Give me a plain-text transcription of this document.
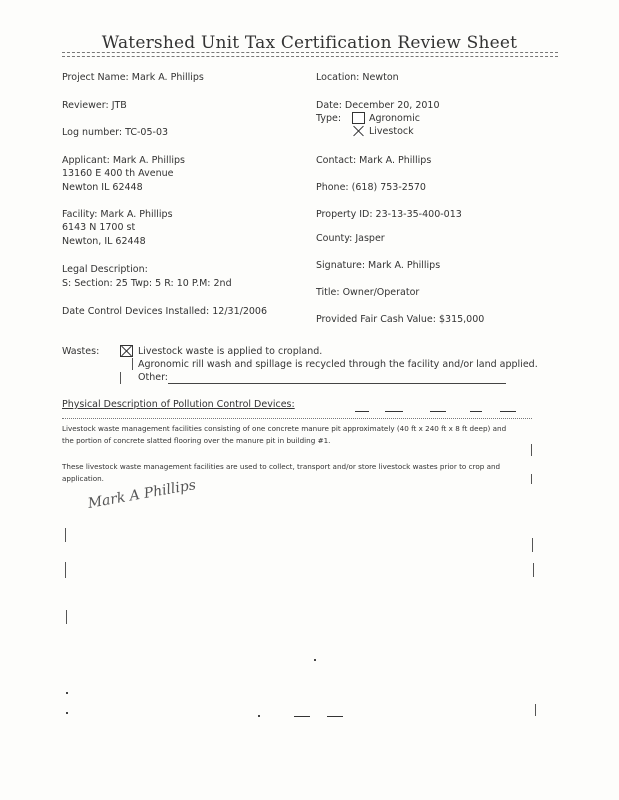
Watershed Unit Tax Certification Review Sheet
Project Name: Mark A. Phillips
Reviewer: JTB
Log number: TC-05-03
Applicant: Mark A. Phillips
13160 E 400 th Avenue
Newton IL 62448
Facility: Mark A. Phillips
6143 N 1700 st
Newton, IL 62448
Legal Description:
S: Section: 25 Twp: 5 R: 10 P.M: 2nd
Date Control Devices Installed: 12/31/2006
Location: Newton
Date: December 20, 2010
Type:	Agronomic
Livestock
Contact: Mark A. Phillips
Phone: (618) 753-2570
Property ID: 23-13-35-400-013
County: Jasper
Signature: Mark A. Phillips
Title: Owner/Operator
Provided Fair Cash Value: $315,000
Wastes:	Livestock waste is applied to cropland.
Agronomic rill wash and spillage is recycled through the facility and/or land applied.
Other:
Physical Description of Pollution Control Devices:
Livestock waste management facilities consisting of one concrete manure pit approximately (40 ft x 240 ft x 8 ft deep) and
the portion of concrete slatted flooring over the manure pit in building #1.
These livestock waste management facilities are used to collect, transport and/or store livestock wastes prior to crop and
application.
Mark A Phillips
